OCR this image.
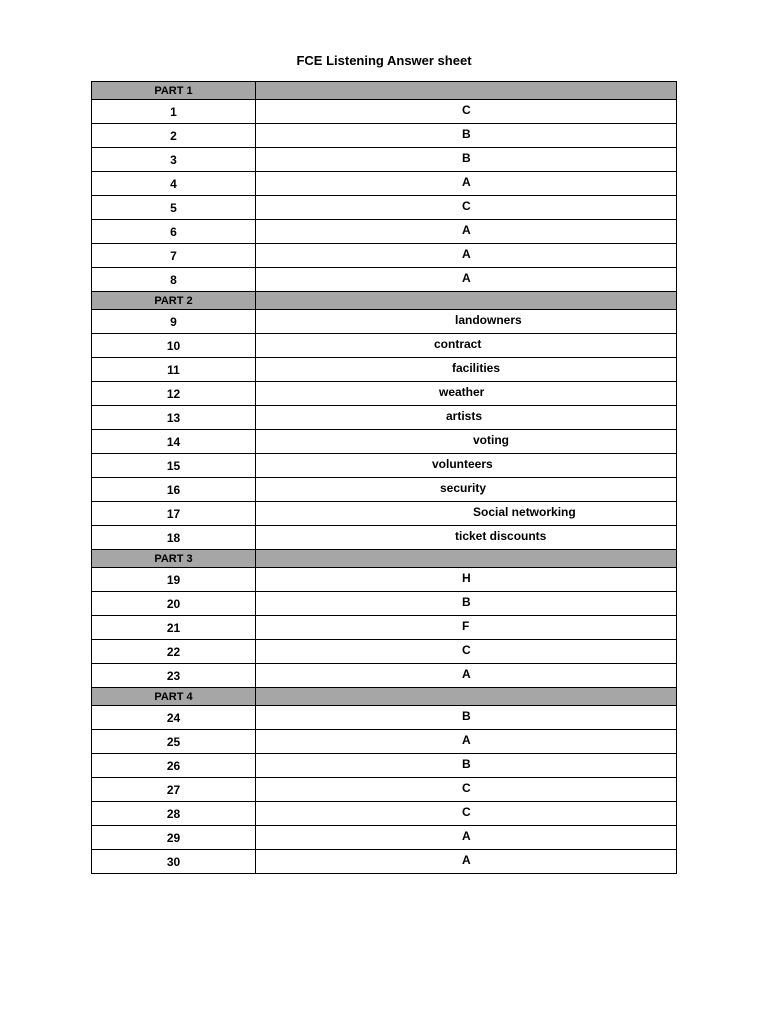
FCE Listening Answer sheet
PART 1	
1	C

2	B

3	B

4	A

5	C

6	A

7	A

8	A

PART 2	
9	landowners

10	contract

11	facilities

12	weather

13	artists

14	voting

15	volunteers

16	security

17	Social networking

18	ticket discounts

PART 3	
19	H

20	B

21	F

22	C

23	A

PART 4	
24	B

25	A

26	B

27	C

28	C

29	A

30	A
